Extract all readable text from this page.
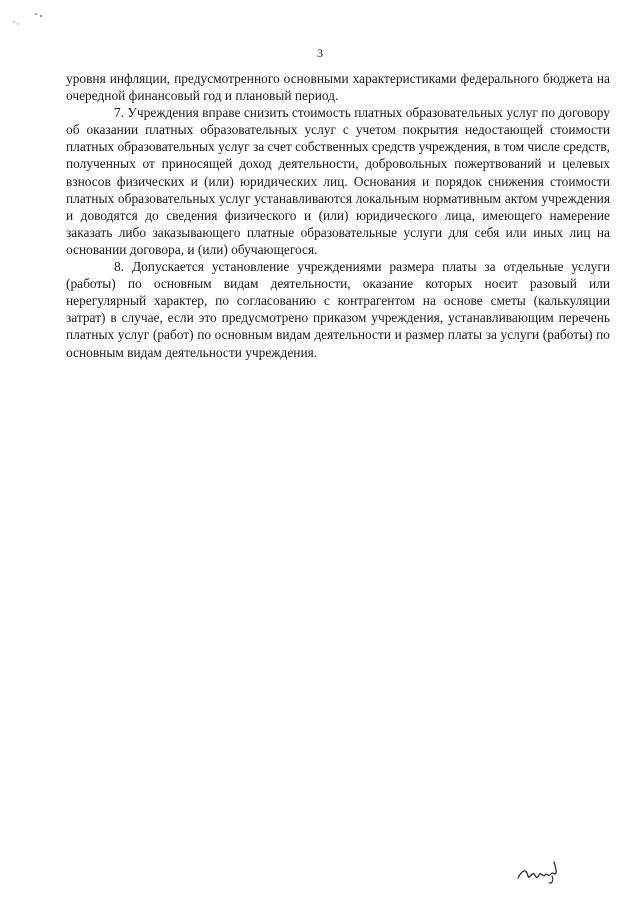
3

уровня инфляции, предусмотренного основными характеристиками федерального бюджета на очередной финансовый год и плановый период.

7. Учреждения вправе снизить стоимость платных образовательных услуг по договору об оказании платных образовательных услуг с учетом покрытия недостающей стоимости платных образовательных услуг за счет собственных средств учреждения, в том числе средств, полученных от приносящей доход деятельности, добровольных пожертвований и целевых взносов физических и (или) юридических лиц. Основания и порядок снижения стоимости платных образовательных услуг устанавливаются локальным нормативным актом учреждения и доводятся до сведения физического и (или) юридического лица, имеющего намерение заказать либо заказывающего платные образовательные услуги для себя или иных лиц на основании договора, и (или) обучающегося.

8. Допускается установление учреждениями размера платы за отдельные услуги (работы) по основным видам деятельности, оказание которых носит разовый или нерегулярный характер, по согласованию с контрагентом на основе сметы (калькуляции затрат) в случае, если это предусмотрено приказом учреждения, устанавливающим перечень платных услуг (работ) по основным видам деятельности и размер платы за услуги (работы) по основным видам деятельности учреждения.
